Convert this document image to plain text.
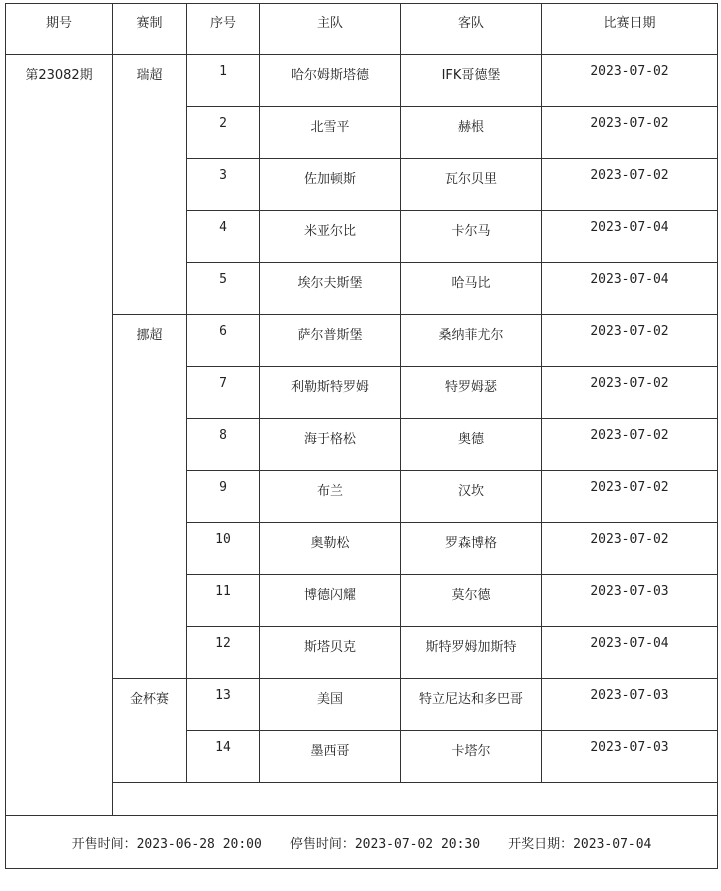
期号	赛制	序号	主队	客队	比赛日期
第23082期	瑞超	1	哈尔姆斯塔德	IFK哥德堡	2023-07-02
		2	北雪平	赫根	2023-07-02
		3	佐加顿斯	瓦尔贝里	2023-07-02
		4	米亚尔比	卡尔马	2023-07-04
		5	埃尔夫斯堡	哈马比	2023-07-04
	挪超	6	萨尔普斯堡	桑纳菲尤尔	2023-07-02
		7	利勒斯特罗姆	特罗姆瑟	2023-07-02
		8	海于格松	奥德	2023-07-02
		9	布兰	汉坎	2023-07-02
		10	奥勒松	罗森博格	2023-07-02
		11	博德闪耀	莫尔德	2023-07-03
		12	斯塔贝克	斯特罗姆加斯特	2023-07-04
	金杯赛	13	美国	特立尼达和多巴哥	2023-07-03
		14	墨西哥	卡塔尔	2023-07-03

开售时间：2023-06-28 20:00 停售时间：2023-07-02 20:30 开奖日期：2023-07-04					
